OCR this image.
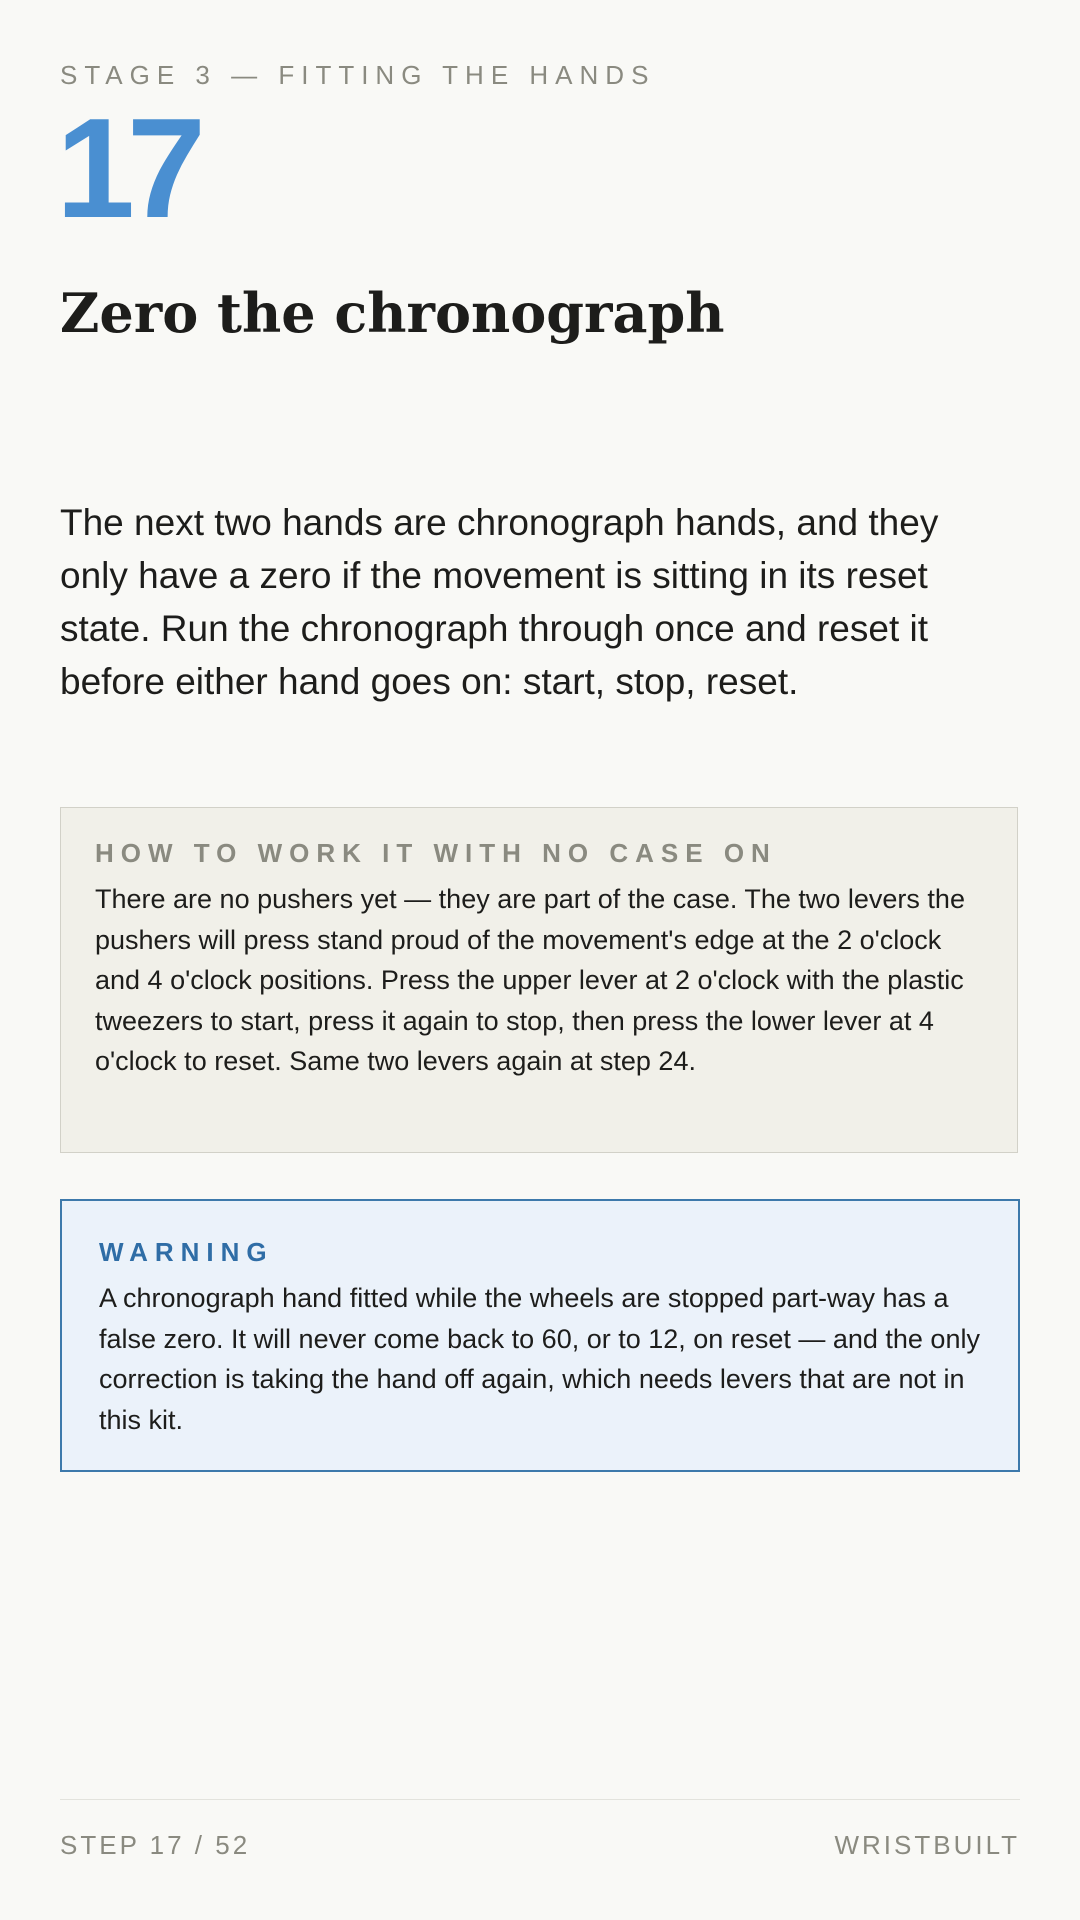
STAGE 3 — FITTING THE HANDS
17
Zero the chronograph

The next two hands are chronograph hands, and they only have a zero if the movement is sitting in its reset state. Run the chronograph through once and reset it before either hand goes on: start, stop, reset.

HOW TO WORK IT WITH NO CASE ON

There are no pushers yet — they are part of the case. The two levers the pushers will press stand proud of the movement's edge at the 2 o'clock and 4 o'clock positions. Press the upper lever at 2 o'clock with the plastic tweezers to start, press it again to stop, then press the lower lever at 4 o'clock to reset. Same two levers again at step 24.

WARNING

A chronograph hand fitted while the wheels are stopped part-way has a false zero. It will never come back to 60, or to 12, on reset — and the only correction is taking the hand off again, which needs levers that are not in this kit.

STEP 17 / 52	WRISTBUILT
